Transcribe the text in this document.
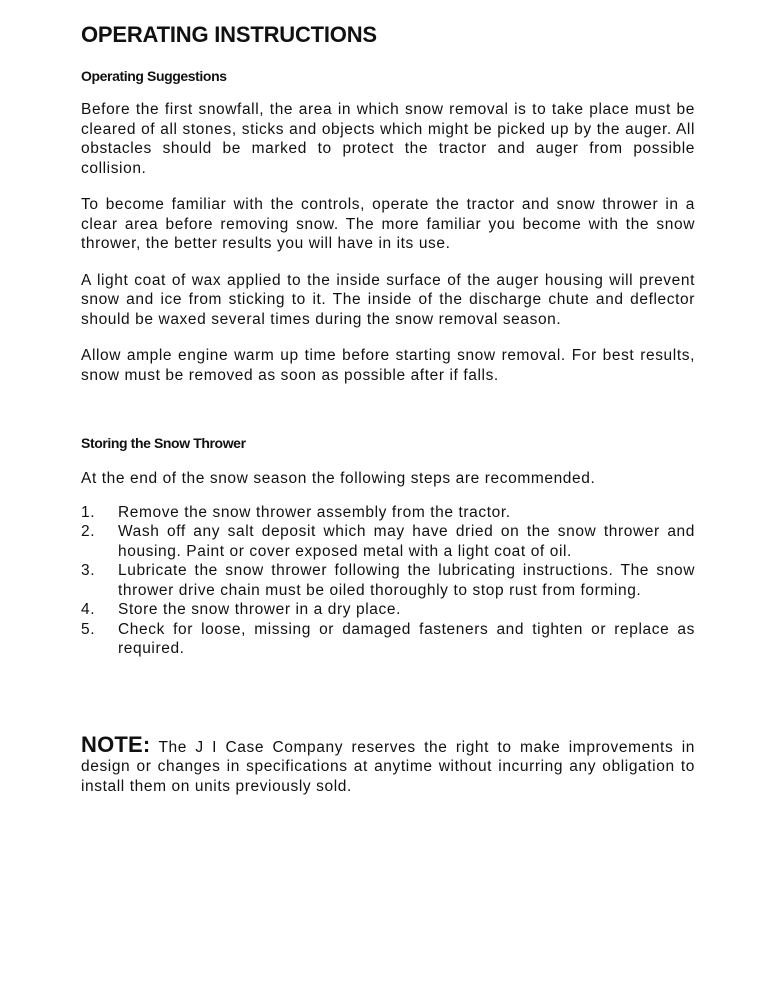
OPERATING INSTRUCTIONS
Operating Suggestions

Before the first snowfall, the area in which snow removal is to take place must be cleared of all stones, sticks and objects which might be picked up by the auger. All obstacles should be marked to protect the tractor and auger from possible collision.

To become familiar with the controls, operate the tractor and snow thrower in a clear area before removing snow. The more familiar you become with the snow thrower, the better results you will have in its use.

A light coat of wax applied to the inside surface of the auger housing will prevent snow and ice from sticking to it. The inside of the discharge chute and deflector should be waxed several times during the snow removal season.

Allow ample engine warm up time before starting snow removal. For best results, snow must be removed as soon as possible after if falls.

Storing the Snow Thrower

At the end of the snow season the following steps are recommended.

1. Remove the snow thrower assembly from the tractor.
2. Wash off any salt deposit which may have dried on the snow thrower and housing. Paint or cover exposed metal with a light coat of oil.
3. Lubricate the snow thrower following the lubricating instructions. The snow thrower drive chain must be oiled thoroughly to stop rust from forming.
4. Store the snow thrower in a dry place.
5. Check for loose, missing or damaged fasteners and tighten or replace as required.

NOTE: The J I Case Company reserves the right to make improvements in design or changes in specifications at anytime without incurring any obligation to install them on units previously sold.
